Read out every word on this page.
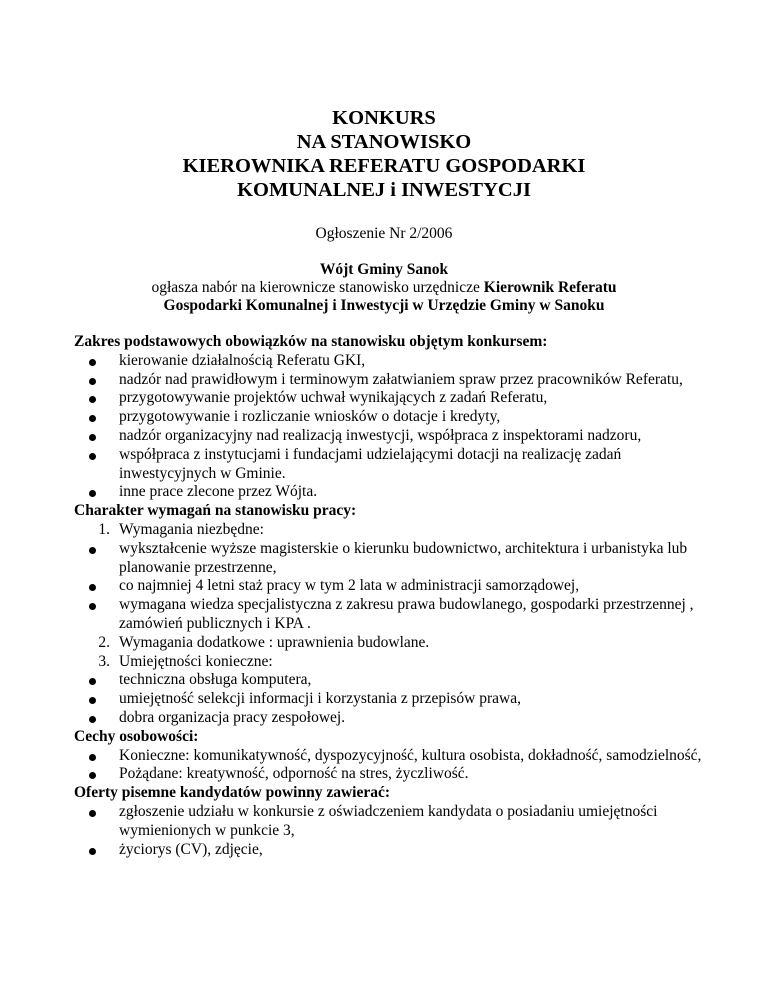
KONKURS
NA STANOWISKO
KIEROWNIKA REFERATU GOSPODARKI
KOMUNALNEJ i INWESTYCJI
Ogłoszenie Nr 2/2006
Wójt Gminy Sanok
ogłasza nabór na kierownicze stanowisko urzędnicze Kierownik Referatu
Gospodarki Komunalnej i Inwestycji w Urzędzie Gminy w Sanoku
Zakres podstawowych obowiązków na stanowisku objętym konkursem:
kierowanie działalnością Referatu GKI,
nadzór nad prawidłowym i terminowym załatwianiem spraw przez pracowników Referatu,
przygotowywanie projektów uchwał wynikających z zadań Referatu,
przygotowywanie i rozliczanie wniosków o dotacje i kredyty,
nadzór organizacyjny nad realizacją inwestycji, współpraca z inspektorami nadzoru,
współpraca z instytucjami i fundacjami udzielającymi dotacji na realizację zadań inwestycyjnych w Gminie.
inne prace zlecone przez Wójta.
Charakter wymagań na stanowisku pracy:
1. Wymagania niezbędne:
wykształcenie wyższe magisterskie o kierunku budownictwo, architektura i urbanistyka lub planowanie przestrzenne,
co najmniej 4 letni staż pracy w tym 2 lata w administracji samorządowej,
wymagana wiedza specjalistyczna z zakresu prawa budowlanego, gospodarki przestrzennej , zamówień publicznych i KPA .
2. Wymagania dodatkowe : uprawnienia budowlane.
3. Umiejętności konieczne:
techniczna obsługa komputera,
umiejętność selekcji informacji i korzystania z przepisów prawa,
dobra organizacja pracy zespołowej.
Cechy osobowości:
Konieczne: komunikatywność, dyspozycyjność, kultura osobista, dokładność, samodzielność,
Pożądane: kreatywność, odporność na stres, życzliwość.
Oferty pisemne kandydatów powinny zawierać:
zgłoszenie udziału w konkursie z oświadczeniem kandydata o posiadaniu umiejętności wymienionych w punkcie 3,
życiorys (CV), zdjęcie,
